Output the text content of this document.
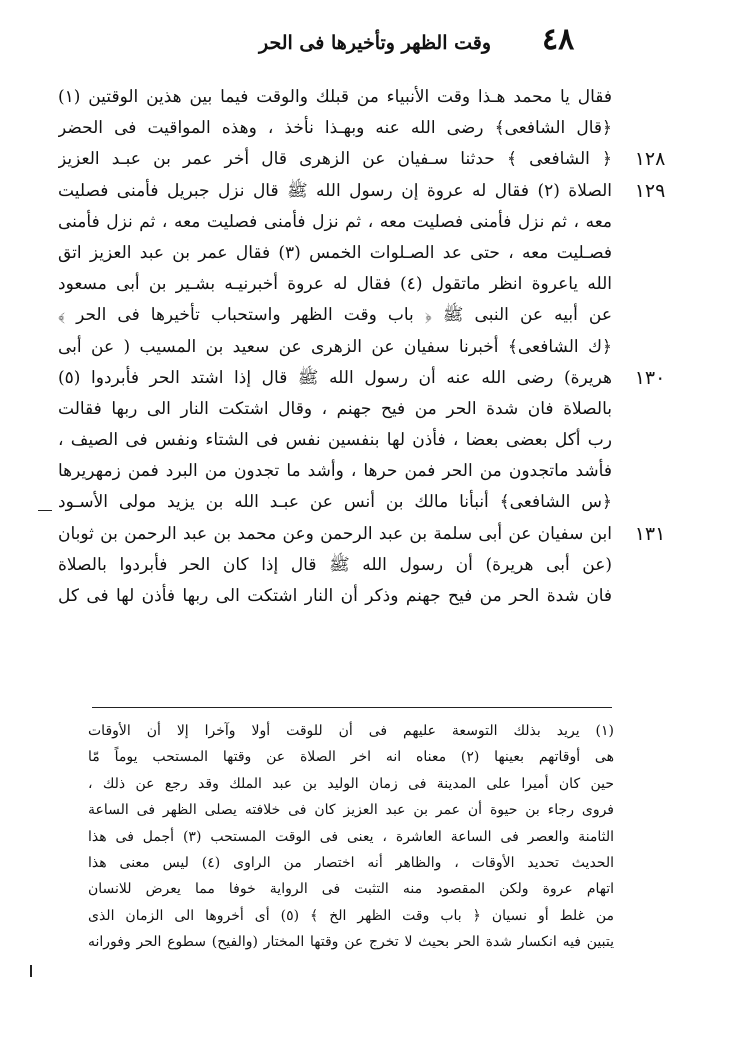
٤٨
وقت الظهر وتأخيرها فى الحر
فقال يا محمد هـذا وقت الأنبياء من قبلك والوقت فيما بين هذين الوقتين (١)
﴿قال الشافعى﴾ رضى الله عنه وبهـذا نأخذ ، وهذه المواقيت فى الحضر
﴿ الشافعى ﴾ حدثنا سـفيان عن الزهرى قال أخر عمر بن عبـد العزيز
الصلاة (٢) فقال له عروة إن رسول الله ﷺ قال نزل جبريل فأمنى فصليت
معه ، ثم نزل فأمنى فصليت معه ، ثم نزل فأمنى فصليت معه ، ثم نزل فأمنى
فصـليت معه ، حتى عد الصـلوات الخمس (٣) فقال عمر بن عبد العزيز اتق
الله ياعروة انظر ماتقول (٤) فقال له عروة أخبرنيـه بشـير بن أبى مسعود
عن أبيه عن النبى ﷺ ﴿ باب وقت الظهر واستحباب تأخيرها فى الحر ﴾
﴿ك الشافعى﴾ أخبرنا سفيان عن الزهرى عن سعيد بن المسيب ( عن أبى
هريرة) رضى الله عنه أن رسول الله ﷺ قال إذا اشتد الحر فأبردوا (٥)
بالصلاة فان شدة الحر من فيح جهنم ، وقال اشتكت النار الى ربها فقالت
رب أكل بعضى بعضا ، فأذن لها بنفسين نفس فى الشتاء ونفس فى الصيف ،
فأشد ماتجدون من الحر فمن حرها ، وأشد ما تجدون من البرد فمن زمهريرها
﴿س الشافعى﴾ أنبأنا مالك بن أنس عن عبـد الله بن يزيد مولى الأسـود
ابن سفيان عن أبى سلمة بن عبد الرحمن وعن محمد بن عبد الرحمن بن ثوبان
(عن أبى هريرة) أن رسول الله ﷺ قال إذا كان الحر فأبردوا بالصلاة
فان شدة الحر من فيح جهنم وذكر أن النار اشتكت الى ربها فأذن لها فى كل
١٢٨
١٢٩
١٣٠
١٣١
(١) يريد بذلك التوسعة عليهم فى أن للوقت أولا وآخرا إلا أن الأوقات
هى أوقاتهم بعينها (٢) معناه انه اخر الصلاة عن وقتها المستحب يوماً مّا
حين كان أميرا على المدينة فى زمان الوليد بن عبد الملك وقد رجع عن ذلك ،
فروى رجاء بن حيوة أن عمر بن عبد العزيز كان فى خلافته يصلى الظهر فى الساعة
الثامنة والعصر فى الساعة العاشرة ، يعنى فى الوقت المستحب (٣) أجمل فى هذا
الحديث تحديد الأوقات ، والظاهر أنه اختصار من الراوى (٤) ليس معنى هذا
اتهام عروة ولكن المقصود منه التثبت فى الرواية خوفا مما يعرض للانسان
من غلط أو نسيان ﴿ باب وقت الظهر الخ ﴾ (٥) أى أخروها الى الزمان الذى
يتبين فيه انكسار شدة الحر بحيث لا تخرج عن وقتها المختار (والفيح) سطوع الحر وفورانه
